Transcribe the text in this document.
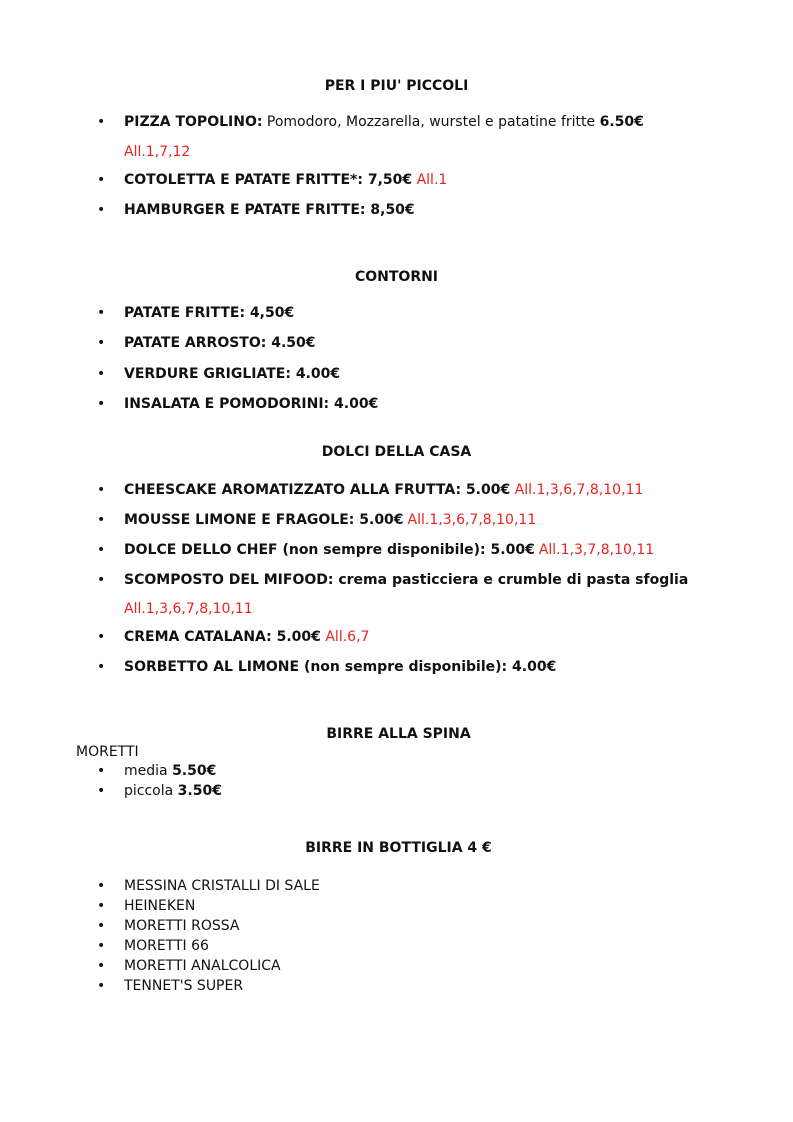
PER I PIU' PICCOLI
• PIZZA TOPOLINO: Pomodoro, Mozzarella, wurstel e patatine fritte 6.50€
All.1,7,12
• COTOLETTA E PATATE FRITTE*: 7,50€ All.1
• HAMBURGER E PATATE FRITTE: 8,50€
CONTORNI
• PATATE FRITTE: 4,50€
• PATATE ARROSTO: 4.50€
• VERDURE GRIGLIATE: 4.00€
• INSALATA E POMODORINI: 4.00€
DOLCI DELLA CASA
• CHEESCAKE AROMATIZZATO ALLA FRUTTA: 5.00€ All.1,3,6,7,8,10,11
• MOUSSE LIMONE E FRAGOLE: 5.00€ All.1,3,6,7,8,10,11
• DOLCE DELLO CHEF (non sempre disponibile): 5.00€ All.1,3,7,8,10,11
• SCOMPOSTO DEL MIFOOD: crema pasticciera e crumble di pasta sfoglia
All.1,3,6,7,8,10,11
• CREMA CATALANA: 5.00€ All.6,7
• SORBETTO AL LIMONE (non sempre disponibile): 4.00€
BIRRE ALLA SPINA
MORETTI
• media 5.50€
• piccola 3.50€
BIRRE IN BOTTIGLIA 4 €
• MESSINA CRISTALLI DI SALE
• HEINEKEN
• MORETTI ROSSA
• MORETTI 66
• MORETTI ANALCOLICA
• TENNET'S SUPER
